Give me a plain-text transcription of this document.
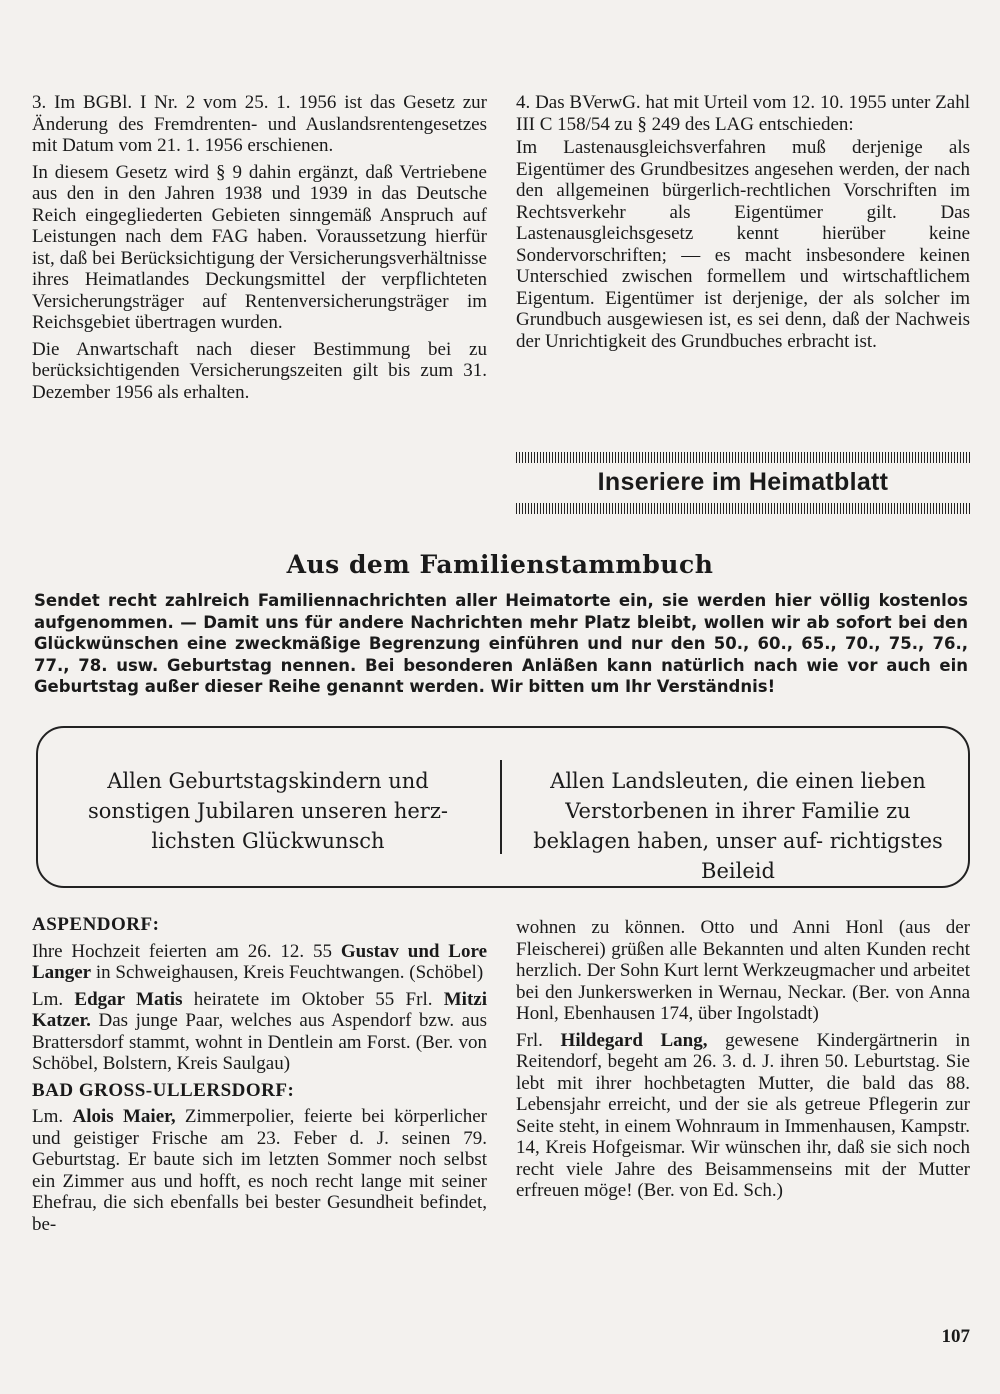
3. Im BGBl. I Nr. 2 vom 25. 1. 1956 ist das Gesetz zur Änderung des Fremdrenten- und Auslandsrentengesetzes mit Datum vom 21. 1. 1956 erschienen.

In diesem Gesetz wird § 9 dahin ergänzt, daß Vertriebene aus den in den Jahren 1938 und 1939 in das Deutsche Reich eingegliederten Gebieten sinngemäß Anspruch auf Leistungen nach dem FAG haben. Voraussetzung hierfür ist, daß bei Berücksichtigung der Versicherungsverhältnisse ihres Heimatlandes Deckungsmittel der verpflichteten Versicherungsträger auf Rentenversicherungsträger im Reichsgebiet übertragen wurden.

Die Anwartschaft nach dieser Bestimmung bei zu berücksichtigenden Versicherungszeiten gilt bis zum 31. Dezember 1956 als erhalten.

4. Das BVerwG. hat mit Urteil vom 12. 10. 1955 unter Zahl III C 158/54 zu § 249 des LAG entschieden:

Im Lastenausgleichsverfahren muß derjenige als Eigentümer des Grundbesitzes angesehen werden, der nach den allgemeinen bürgerlich-rechtlichen Vorschriften im Rechtsverkehr als Eigentümer gilt. Das Lastenausgleichsgesetz kennt hierüber keine Sondervorschriften; — es macht insbesondere keinen Unterschied zwischen formellem und wirtschaftlichem Eigentum. Eigentümer ist derjenige, der als solcher im Grundbuch ausgewiesen ist, es sei denn, daß der Nachweis der Unrichtigkeit des Grundbuches erbracht ist.

Inseriere im Heimatblatt
Aus dem Familienstammbuch
Sendet recht zahlreich Familiennachrichten aller Heimatorte ein, sie werden hier völlig kostenlos aufgenommen. — Damit uns für andere Nachrichten mehr Platz bleibt, wollen wir ab sofort bei den Glückwünschen eine zweckmäßige Begrenzung einführen und nur den 50., 60., 65., 70., 75., 76., 77., 78. usw. Geburtstag nennen. Bei besonderen Anläßen kann natürlich nach wie vor auch ein Geburtstag außer dieser Reihe genannt werden. Wir bitten um Ihr Verständnis!
Allen Geburtstagskindern und sonstigen Jubilaren unseren herz- lichsten Glückwunsch
Allen Landsleuten, die einen lieben Verstorbenen in ihrer Familie zu beklagen haben, unser auf- richtigstes Beileid

ASPENDORF:

Ihre Hochzeit feierten am 26. 12. 55 Gustav und Lore Langer in Schweighausen, Kreis Feuchtwangen. (Schöbel)

Lm. Edgar Matis heiratete im Oktober 55 Frl. Mitzi Katzer. Das junge Paar, welches aus Aspendorf bzw. aus Brattersdorf stammt, wohnt in Dentlein am Forst. (Ber. von Schöbel, Bolstern, Kreis Saulgau)

BAD GROSS-ULLERSDORF:

Lm. Alois Maier, Zimmerpolier, feierte bei körperlicher und geistiger Frische am 23. Feber d. J. seinen 79. Geburtstag. Er baute sich im letzten Sommer noch selbst ein Zimmer aus und hofft, es noch recht lange mit seiner Ehefrau, die sich ebenfalls bei bester Gesundheit befindet, be-

wohnen zu können. Otto und Anni Honl (aus der Fleischerei) grüßen alle Bekannten und alten Kunden recht herzlich. Der Sohn Kurt lernt Werkzeugmacher und arbeitet bei den Junkerswerken in Wernau, Neckar. (Ber. von Anna Honl, Ebenhausen 174, über Ingolstadt)

Frl. Hildegard Lang, gewesene Kindergärtnerin in Reitendorf, begeht am 26. 3. d. J. ihren 50. Leburtstag. Sie lebt mit ihrer hochbetagten Mutter, die bald das 88. Lebensjahr erreicht, und der sie als getreue Pflegerin zur Seite steht, in einem Wohnraum in Immenhausen, Kampstr. 14, Kreis Hofgeismar. Wir wünschen ihr, daß sie sich noch recht viele Jahre des Beisammenseins mit der Mutter erfreuen möge! (Ber. von Ed. Sch.)

107
